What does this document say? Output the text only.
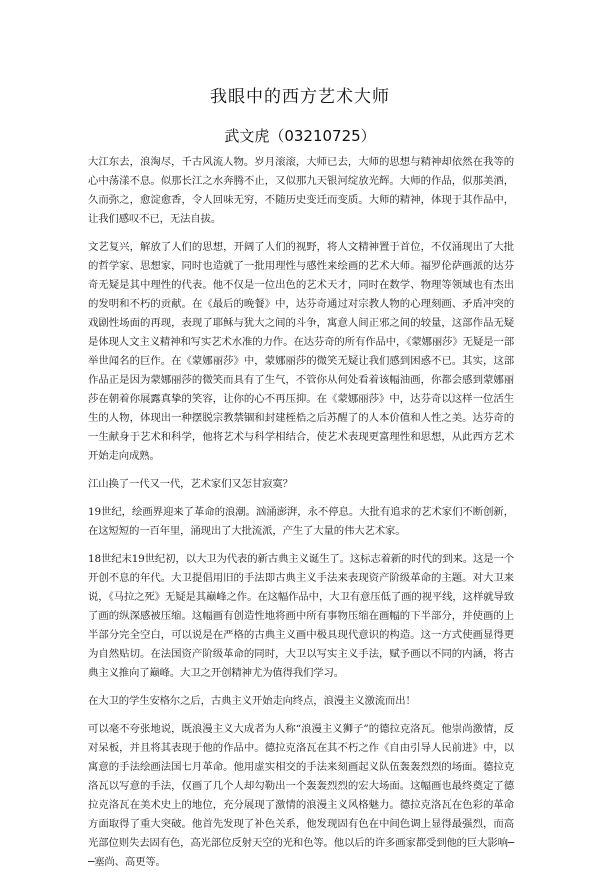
我眼中的西方艺术大师
武文虎（03210725）

大江东去，浪淘尽，千古风流人物。岁月滚滚，大师已去，大师的思想与精神却依然在我等的心中荡漾不息。似那长江之水奔腾不止，又似那九天银河绽放光辉。大师的作品，似那美酒，久而弥之，愈淀愈香，令人回味无穷，不随历史变迁而变质。大师的精神，体现于其作品中，让我们感叹不已，无法自拔。

文艺复兴，解放了人们的思想，开阔了人们的视野，将人文精神置于首位，不仅涌现出了大批的哲学家、思想家，同时也造就了一批用理性与感性来绘画的艺术大师。福罗伦萨画派的达芬奇无疑是其中理性的代表。他不仅是一位出色的艺术天才，同时在数学、物理等领域也有杰出的发明和不朽的贡献。在《最后的晚餐》中，达芬奇通过对宗教人物的心理刻画、矛盾冲突的戏剧性场面的再现，表现了耶稣与犹大之间的斗争，寓意人间正邪之间的较量，这部作品无疑是体现人文主义精神和写实艺术水准的力作。在达芬奇的所有作品中，《蒙娜丽莎》无疑是一部举世闻名的巨作。在《蒙娜丽莎》中，蒙娜丽莎的微笑无疑让我们感到困惑不已。其实，这部作品正是因为蒙娜丽莎的微笑而具有了生气，不管你从何处看着该幅油画，你都会感到蒙娜丽莎在朝着你展露真挚的笑容，让你的心不再压抑。在《蒙娜丽莎》中，达芬奇以这样一位活生生的人物，体现出一种摆脱宗教禁锢和封建桎梏之后苏醒了的人本价值和人性之美。达芬奇的一生献身于艺术和科学，他将艺术与科学相结合，使艺术表现更富理性和思想，从此西方艺术开始走向成熟。

江山换了一代又一代，艺术家们又怎甘寂寞？

19世纪，绘画界迎来了革命的浪潮。汹涌澎湃，永不停息。大批有追求的艺术家们不断创新，在这短短的一百年里，涌现出了大批流派，产生了大量的伟大艺术家。

18世纪末19世纪初，以大卫为代表的新古典主义诞生了。这标志着新的时代的到来。这是一个开创不息的年代。大卫提倡用旧的手法即古典主义手法来表现资产阶级革命的主题。对大卫来说，《马拉之死》无疑是其巅峰之作。在这幅作品中，大卫有意压低了画的视平线，这样就导致了画的纵深感被压缩。这幅画有创造性地将画中所有事物压缩在画幅的下半部分，并使画的上半部分完全空白，可以说是在严格的古典主义画中极具现代意识的构造。这一方式使画显得更为自然贴切。在法国资产阶级革命的同时，大卫以写实主义手法，赋予画以不同的内涵，将古典主义推向了巅峰。大卫之开创精神尤为值得我们学习。

在大卫的学生安格尔之后，古典主义开始走向终点，浪漫主义激流而出！

可以毫不夸张地说，既浪漫主义大成者为人称“浪漫主义狮子”的德拉克洛瓦。他崇尚激情，反对呆板，并且将其表现于他的作品中。德拉克洛瓦在其不朽之作《自由引导人民前进》中，以寓意的手法绘画法国七月革命。他用虚实相交的手法来刻画起义队伍轰轰烈烈的场面。德拉克洛瓦以写意的手法，仅画了几个人却勾勒出一个轰轰烈烈的宏大场面。这幅画也最终奠定了德拉克洛瓦在美术史上的地位，充分展现了激情的浪漫主义风格魅力。德拉克洛瓦在色彩的革命方面取得了重大突破。他首先发现了补色关系，他发现固有色在中间色调上显得最强烈，而高光部位则失去固有色，高光部位反射天空的光和色等。他以后的许多画家都受到他的巨大影响──塞尚、高更等。
